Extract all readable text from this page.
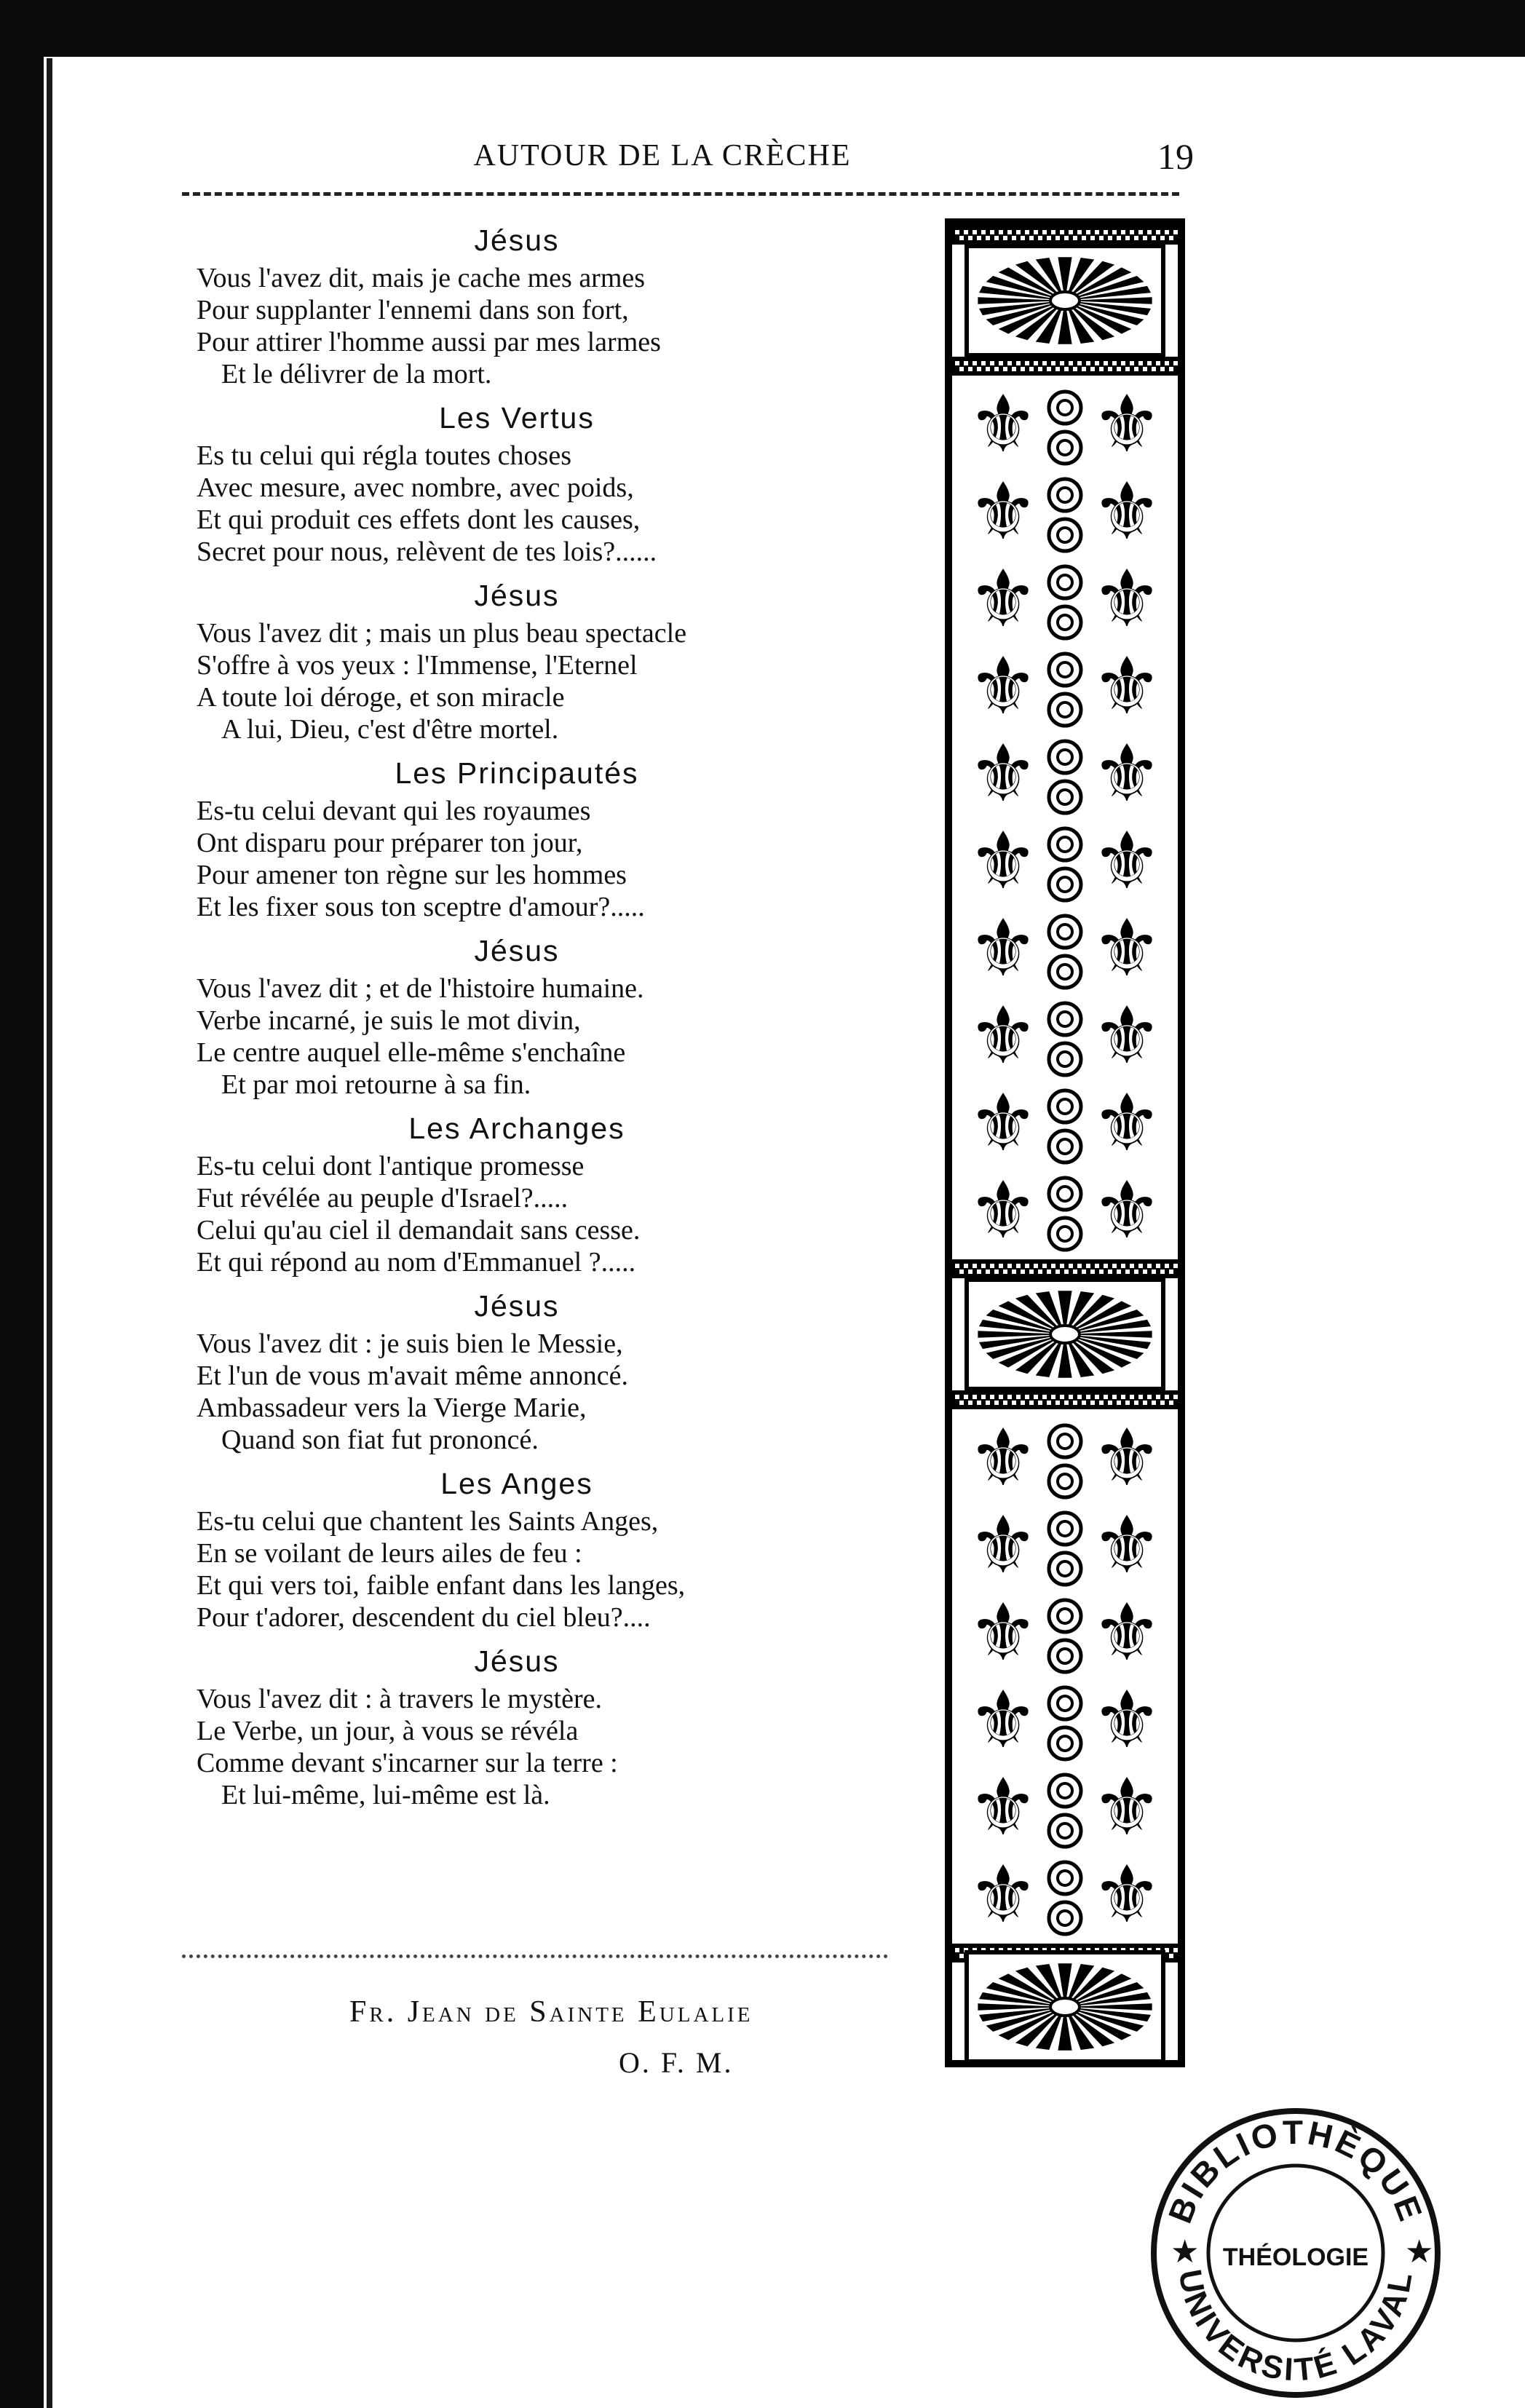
AUTOUR DE LA CRÈCHE	19
Jésus
Vous l'avez dit, mais je cache mes armes
Pour supplanter l'ennemi dans son fort,
Pour attirer l'homme aussi par mes larmes
Et le délivrer de la mort.
Les Vertus
Es tu celui qui régla toutes choses
Avec mesure, avec nombre, avec poids,
Et qui produit ces effets dont les causes,
Secret pour nous, relèvent de tes lois?......
Jésus
Vous l'avez dit ; mais un plus beau spectacle
S'offre à vos yeux : l'Immense, l'Eternel
A toute loi déroge, et son miracle
A lui, Dieu, c'est d'être mortel.
Les Principautés
Es-tu celui devant qui les royaumes
Ont disparu pour préparer ton jour,
Pour amener ton règne sur les hommes
Et les fixer sous ton sceptre d'amour?.....
Jésus
Vous l'avez dit ; et de l'histoire humaine.
Verbe incarné, je suis le mot divin,
Le centre auquel elle-même s'enchaîne
Et par moi retourne à sa fin.
Les Archanges
Es-tu celui dont l'antique promesse
Fut révélée au peuple d'Israel?.....
Celui qu'au ciel il demandait sans cesse.
Et qui répond au nom d'Emmanuel ?.....
Jésus
Vous l'avez dit : je suis bien le Messie,
Et l'un de vous m'avait même annoncé.
Ambassadeur vers la Vierge Marie,
Quand son fiat fut prononcé.
Les Anges
Es-tu celui que chantent les Saints Anges,
En se voilant de leurs ailes de feu :
Et qui vers toi, faible enfant dans les langes,
Pour t'adorer, descendent du ciel bleu?....
Jésus
Vous l'avez dit : à travers le mystère.
Le Verbe, un jour, à vous se révéla
Comme devant s'incarner sur la terre :
Et lui-même, lui-même est là.
Fr. Jean de Sainte Eulalie
O. F. M.
⚜ ⚜
⚜ ⚜
⚜ ⚜
⚜ ⚜
⚜ ⚜
⚜ ⚜
⚜ ⚜
⚜ ⚜
⚜ ⚜
⚜ ⚜
⚜ ⚜
⚜ ⚜
⚜ ⚜
⚜ ⚜
⚜ ⚜
⚜ ⚜
BIBLIOTHÈQUE
THÉOLOGIE
UNIVERSITÉ LAVAL
★	★
